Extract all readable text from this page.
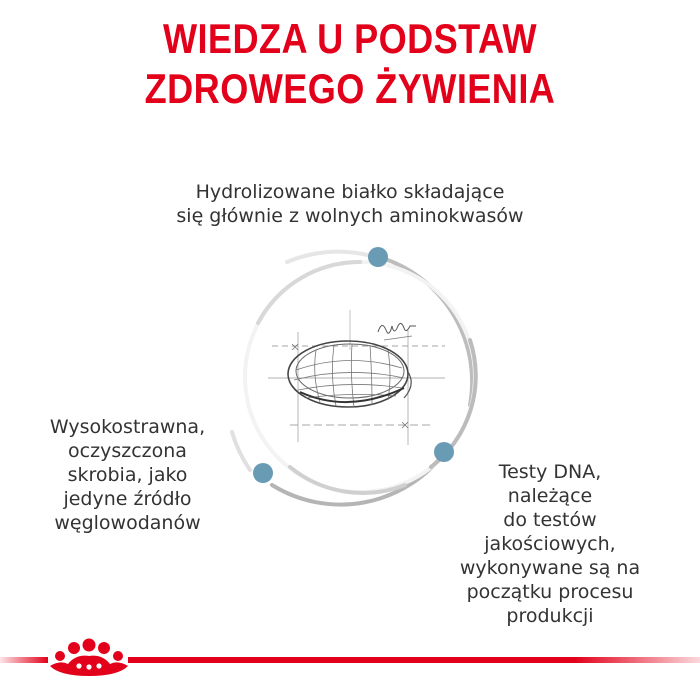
WIEDZA U PODSTAW
ZDROWEGO ŻYWIENIA
Hydrolizowane białko składające
się głównie z wolnych aminokwasów
Wysokostrawna,
oczyszczona
skrobia, jako
jedyne źródło
węglowodanów
Testy DNA,
należące
do testów
jakościowych,
wykonywane są na
początku procesu
produkcji
